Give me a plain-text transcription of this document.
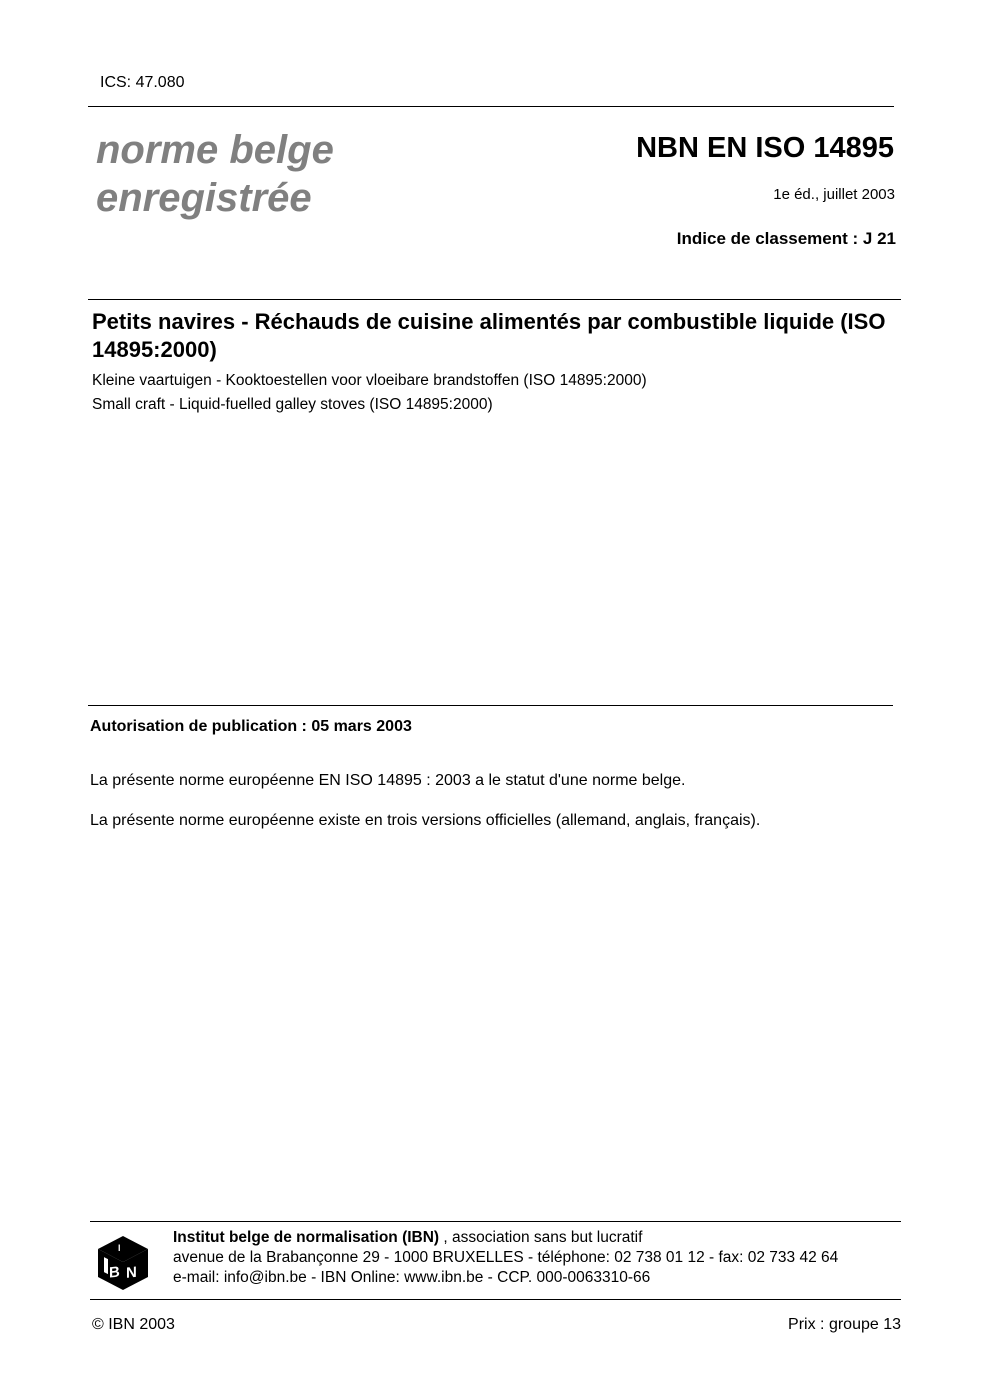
ICS: 47.080
norme belge
enregistrée
NBN EN ISO 14895
1e éd., juillet 2003
Indice de classement : J 21
Petits navires - Réchauds de cuisine alimentés par combustible liquide (ISO 14895:2000)
Kleine vaartuigen - Kooktoestellen voor vloeibare brandstoffen (ISO 14895:2000)
Small craft - Liquid-fuelled galley stoves (ISO 14895:2000)
Autorisation de publication : 05 mars 2003
La présente norme européenne EN ISO 14895 : 2003 a le statut d'une norme belge.
La présente norme européenne existe en trois versions officielles (allemand, anglais, français).
B N
I
Institut belge de normalisation (IBN) , association sans but lucratif
avenue de la Brabançonne 29 - 1000 BRUXELLES - téléphone: 02 738 01 12 - fax: 02 733 42 64
e-mail: info@ibn.be - IBN Online: www.ibn.be - CCP. 000-0063310-66
© IBN 2003	Prix : groupe 13
